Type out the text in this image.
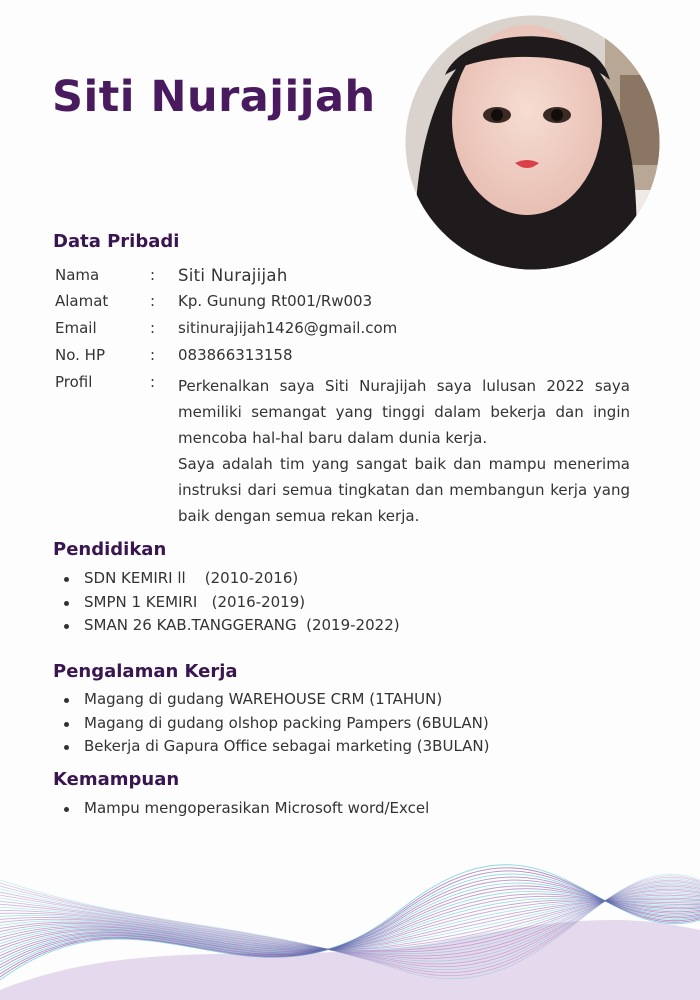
Siti Nurajijah
Data Pribadi
Nama	: Siti Nurajijah
Alamat	: Kp. Gunung Rt001/Rw003
Email	: sitinurajijah1426@gmail.com
No. HP	: 083866313158
Profil	: Perkenalkan saya Siti Nurajijah saya lulusan 2022 saya memiliki semangat yang tinggi dalam bekerja dan ingin mencoba hal-hal baru dalam dunia kerja.

Saya adalah tim yang sangat baik dan mampu menerima instruksi dari semua tingkatan dan membangun kerja yang baik dengan semua rekan kerja.

Pendidikan
SDN KEMIRI ll    (2010-2016)
SMPN 1 KEMIRI   (2016-2019)
SMAN 26 KAB.TANGGERANG  (2019-2022)
Pengalaman Kerja
Magang di gudang WAREHOUSE CRM (1TAHUN)
Magang di gudang olshop packing Pampers (6BULAN)
Bekerja di Gapura Office sebagai marketing (3BULAN)
Kemampuan
Mampu mengoperasikan Microsoft word/Excel
